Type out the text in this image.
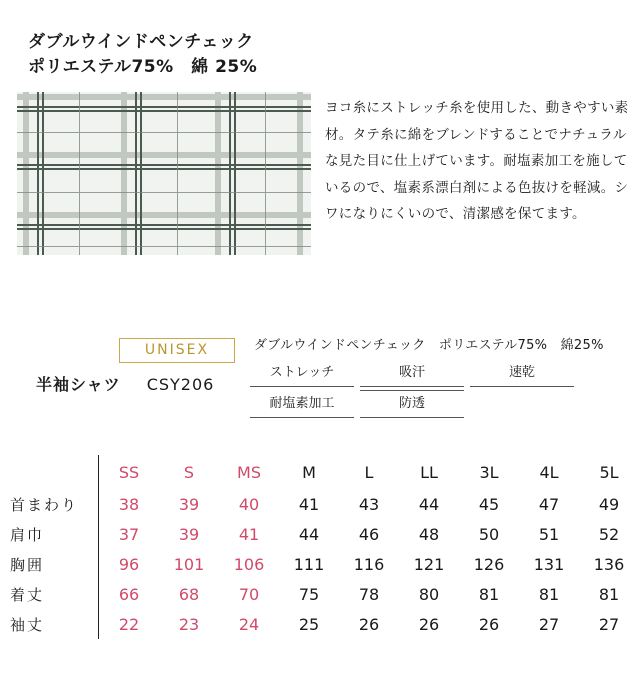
ダブルウインドペンチェック
ポリエステル75%　綿 25%
ヨコ糸にストレッチ糸を使用した、動きやすい素材。タテ糸に綿をブレンドすることでナチュラルな見た目に仕上げています。耐塩素加工を施しているので、塩素系漂白剤による色抜けを軽減。シワになりにくいので、清潔感を保てます。
UNISEX
半袖シャツ CSY206
ダブルウインドペンチェック　ポリエステル75%　綿25%
ストレッチ	吸汗	速乾
耐塩素加工	防透
	SS	S	MS	M	L	LL	3L	4L	5L
首まわり	38	39	40	41	43	44	45	47	49
肩巾	37	39	41	44	46	48	50	51	52
胸囲	96	101	106	111	116	121	126	131	136
着丈	66	68	70	75	78	80	81	81	81
袖丈	22	23	24	25	26	26	26	27	27
